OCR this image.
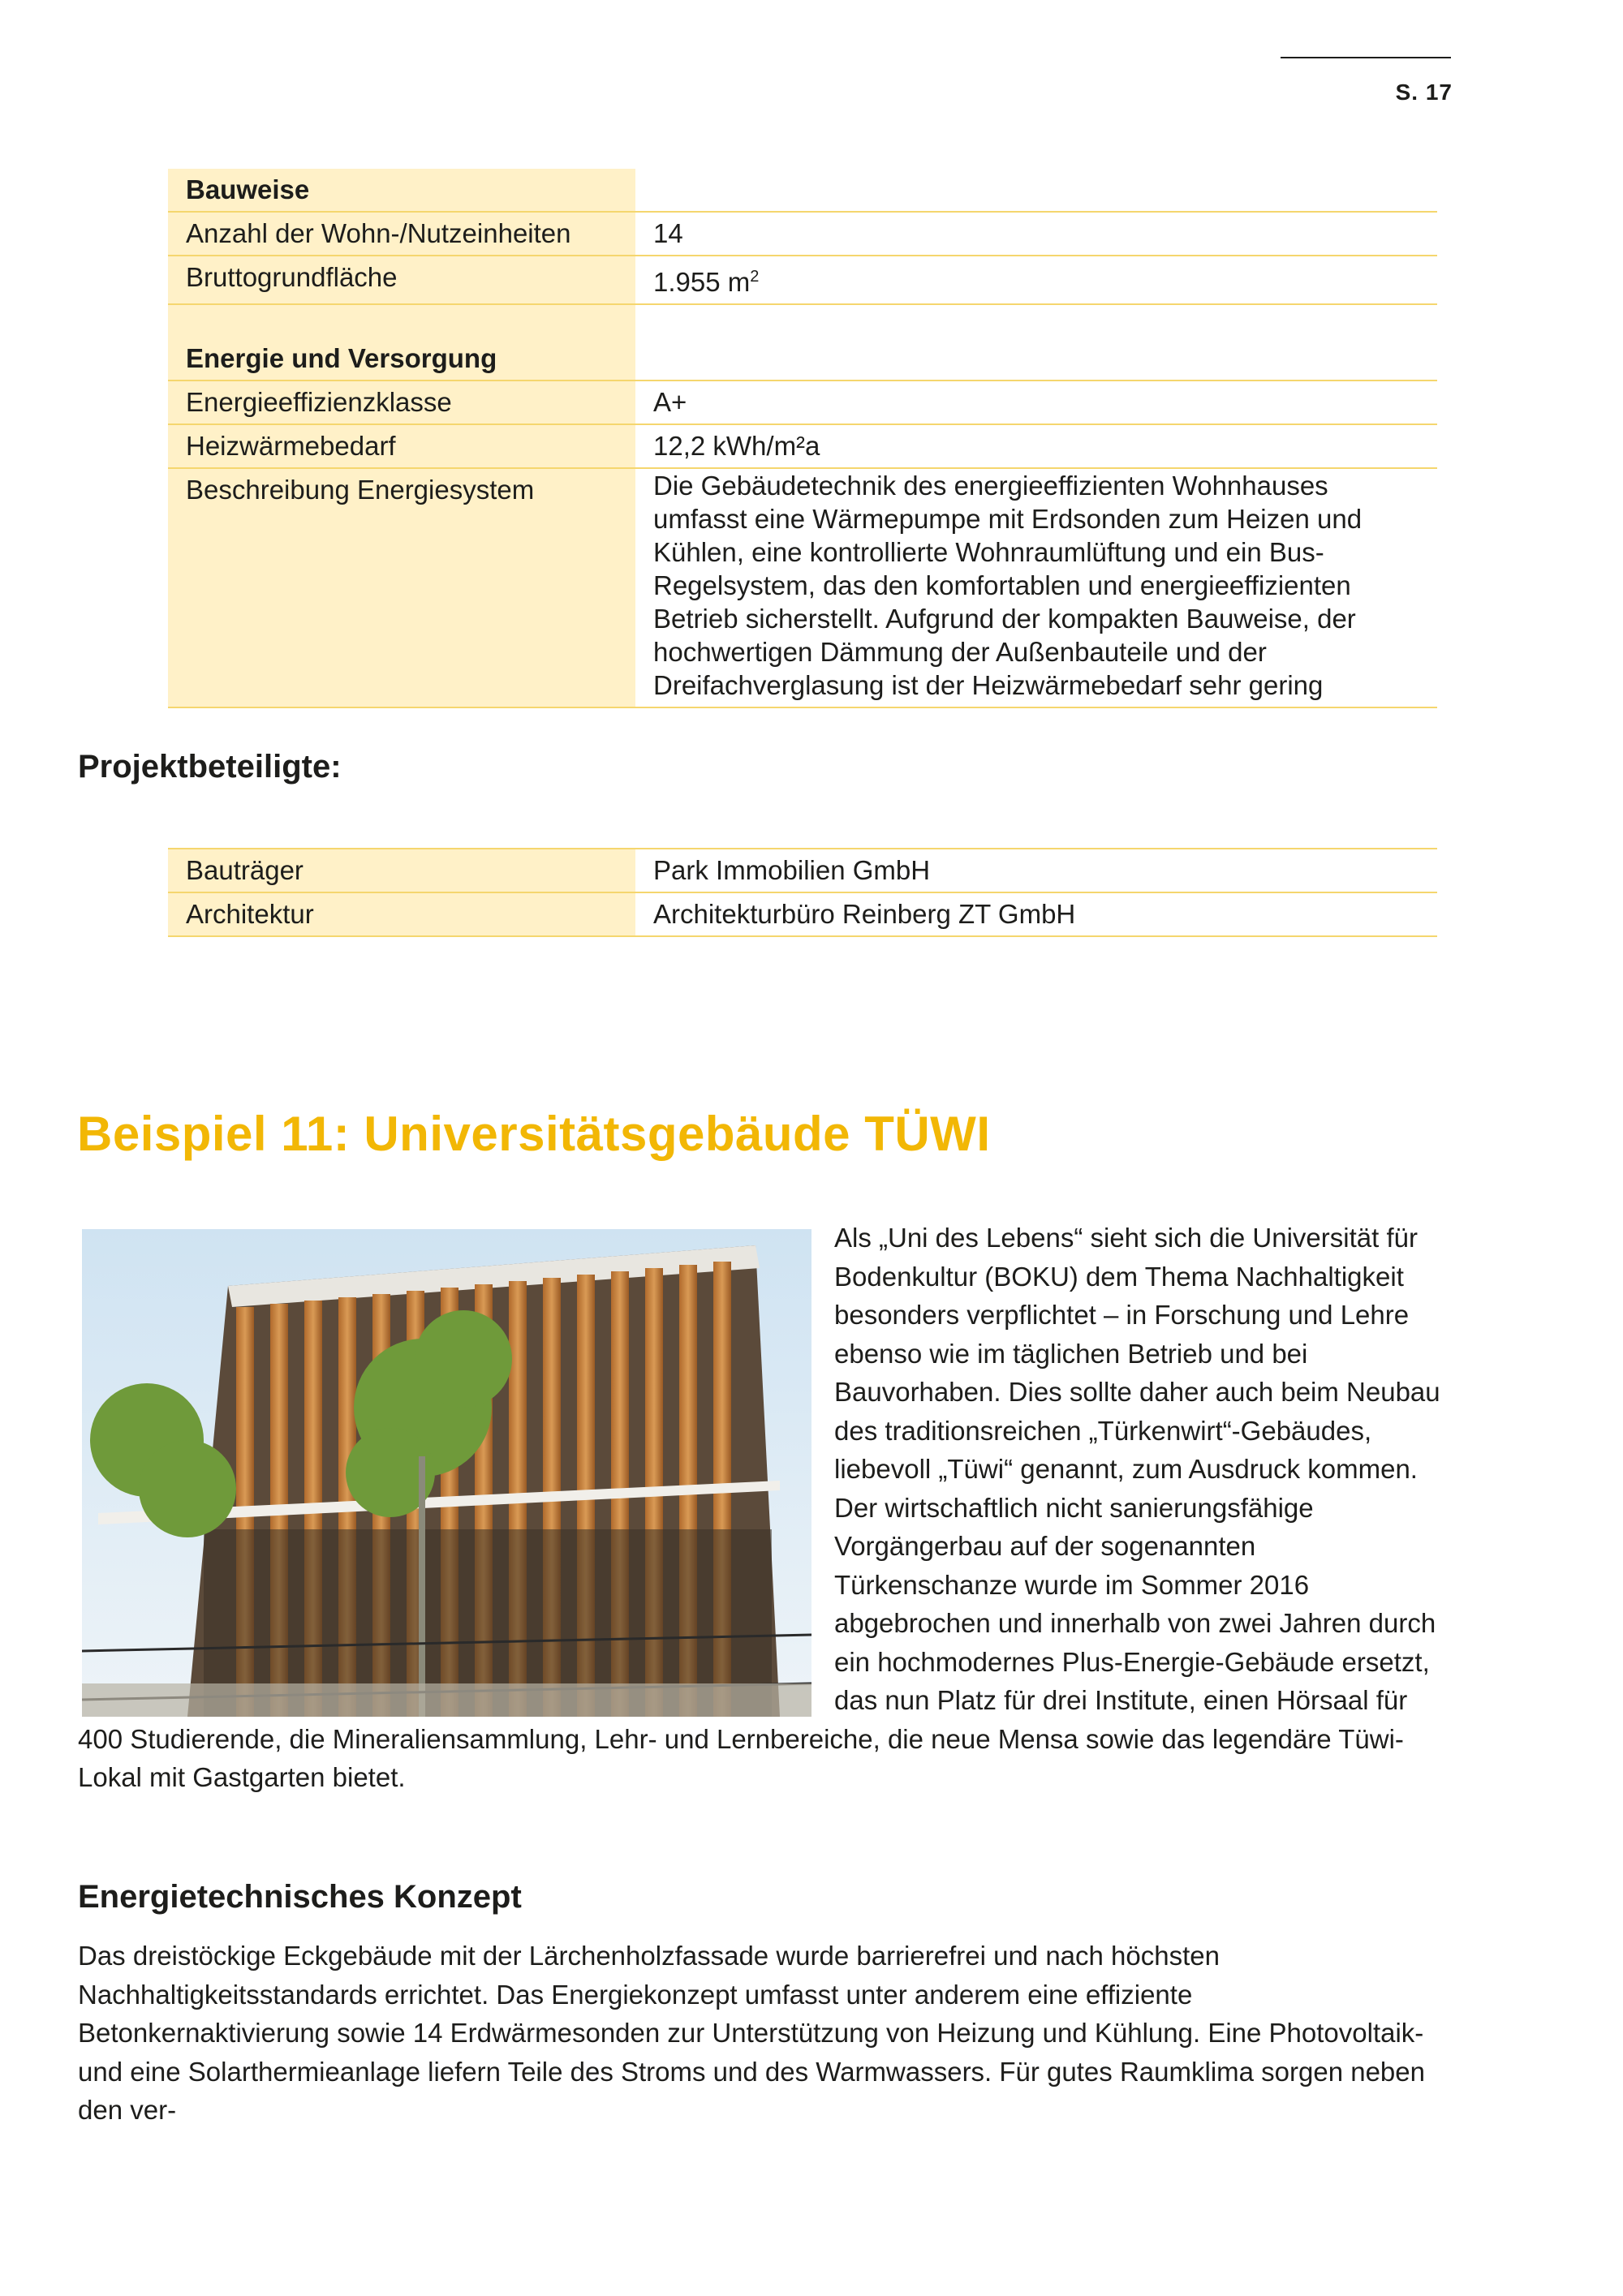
S. 17
Bauweise	
Anzahl der Wohn-/Nutzeinheiten	14
Bruttogrundfläche	1.955 $m^2$

Energie und Versorgung	
Energieeffizienzklasse	A+
Heizwärmebedarf	12,2 kWh/m²a
Beschreibung Energiesystem	Die Gebäudetechnik des energieeffizienten Wohnhauses umfasst eine Wärmepumpe mit Erdsonden zum Heizen und Kühlen, eine kontrollierte Wohnraumlüftung und ein Bus-Regelsystem, das den komfortablen und energieeffizienten Betrieb sicherstellt. Aufgrund der kompakten Bauweise, der hochwertigen Dämmung der Außenbauteile und der Dreifachverglasung ist der Heizwärmebedarf sehr gering
Projektbeteiligte:
Bauträger	Park Immobilien GmbH
Architektur	Architekturbüro Reinberg ZT GmbH
Beispiel 11: Universitätsgebäude TÜWI

Als „Uni des Lebens“ sieht sich die Universität für Bodenkultur (BOKU) dem Thema Nachhaltigkeit besonders verpflichtet – in Forschung und Lehre ebenso wie im täglichen Betrieb und bei Bauvorhaben. Dies sollte daher auch beim Neubau des traditionsreichen „Türkenwirt“-Gebäudes, liebevoll „Tüwi“ genannt, zum Ausdruck kommen. Der wirtschaftlich nicht sanierungsfähige Vorgängerbau auf der sogenannten Türkenschanze wurde im Sommer 2016 abgebrochen und innerhalb von zwei Jahren durch ein hochmodernes Plus-Energie-Gebäude ersetzt, das nun Platz für drei Institute, einen Hörsaal für 400 Studierende, die Mineraliensammlung, Lehr- und Lernbereiche, die neue Mensa sowie das legendäre Tüwi-Lokal mit Gastgarten bietet.

Energietechnisches Konzept

Das dreistöckige Eckgebäude mit der Lärchenholzfassade wurde barrierefrei und nach höchsten Nachhaltigkeitsstandards errichtet. Das Energiekonzept umfasst unter anderem eine effiziente Betonkernaktivierung sowie 14 Erdwärmesonden zur Unterstützung von Heizung und Kühlung. Eine Photovoltaik- und eine Solarthermieanlage liefern Teile des Stroms und des Warmwassers. Für gutes Raumklima sorgen neben den ver-
